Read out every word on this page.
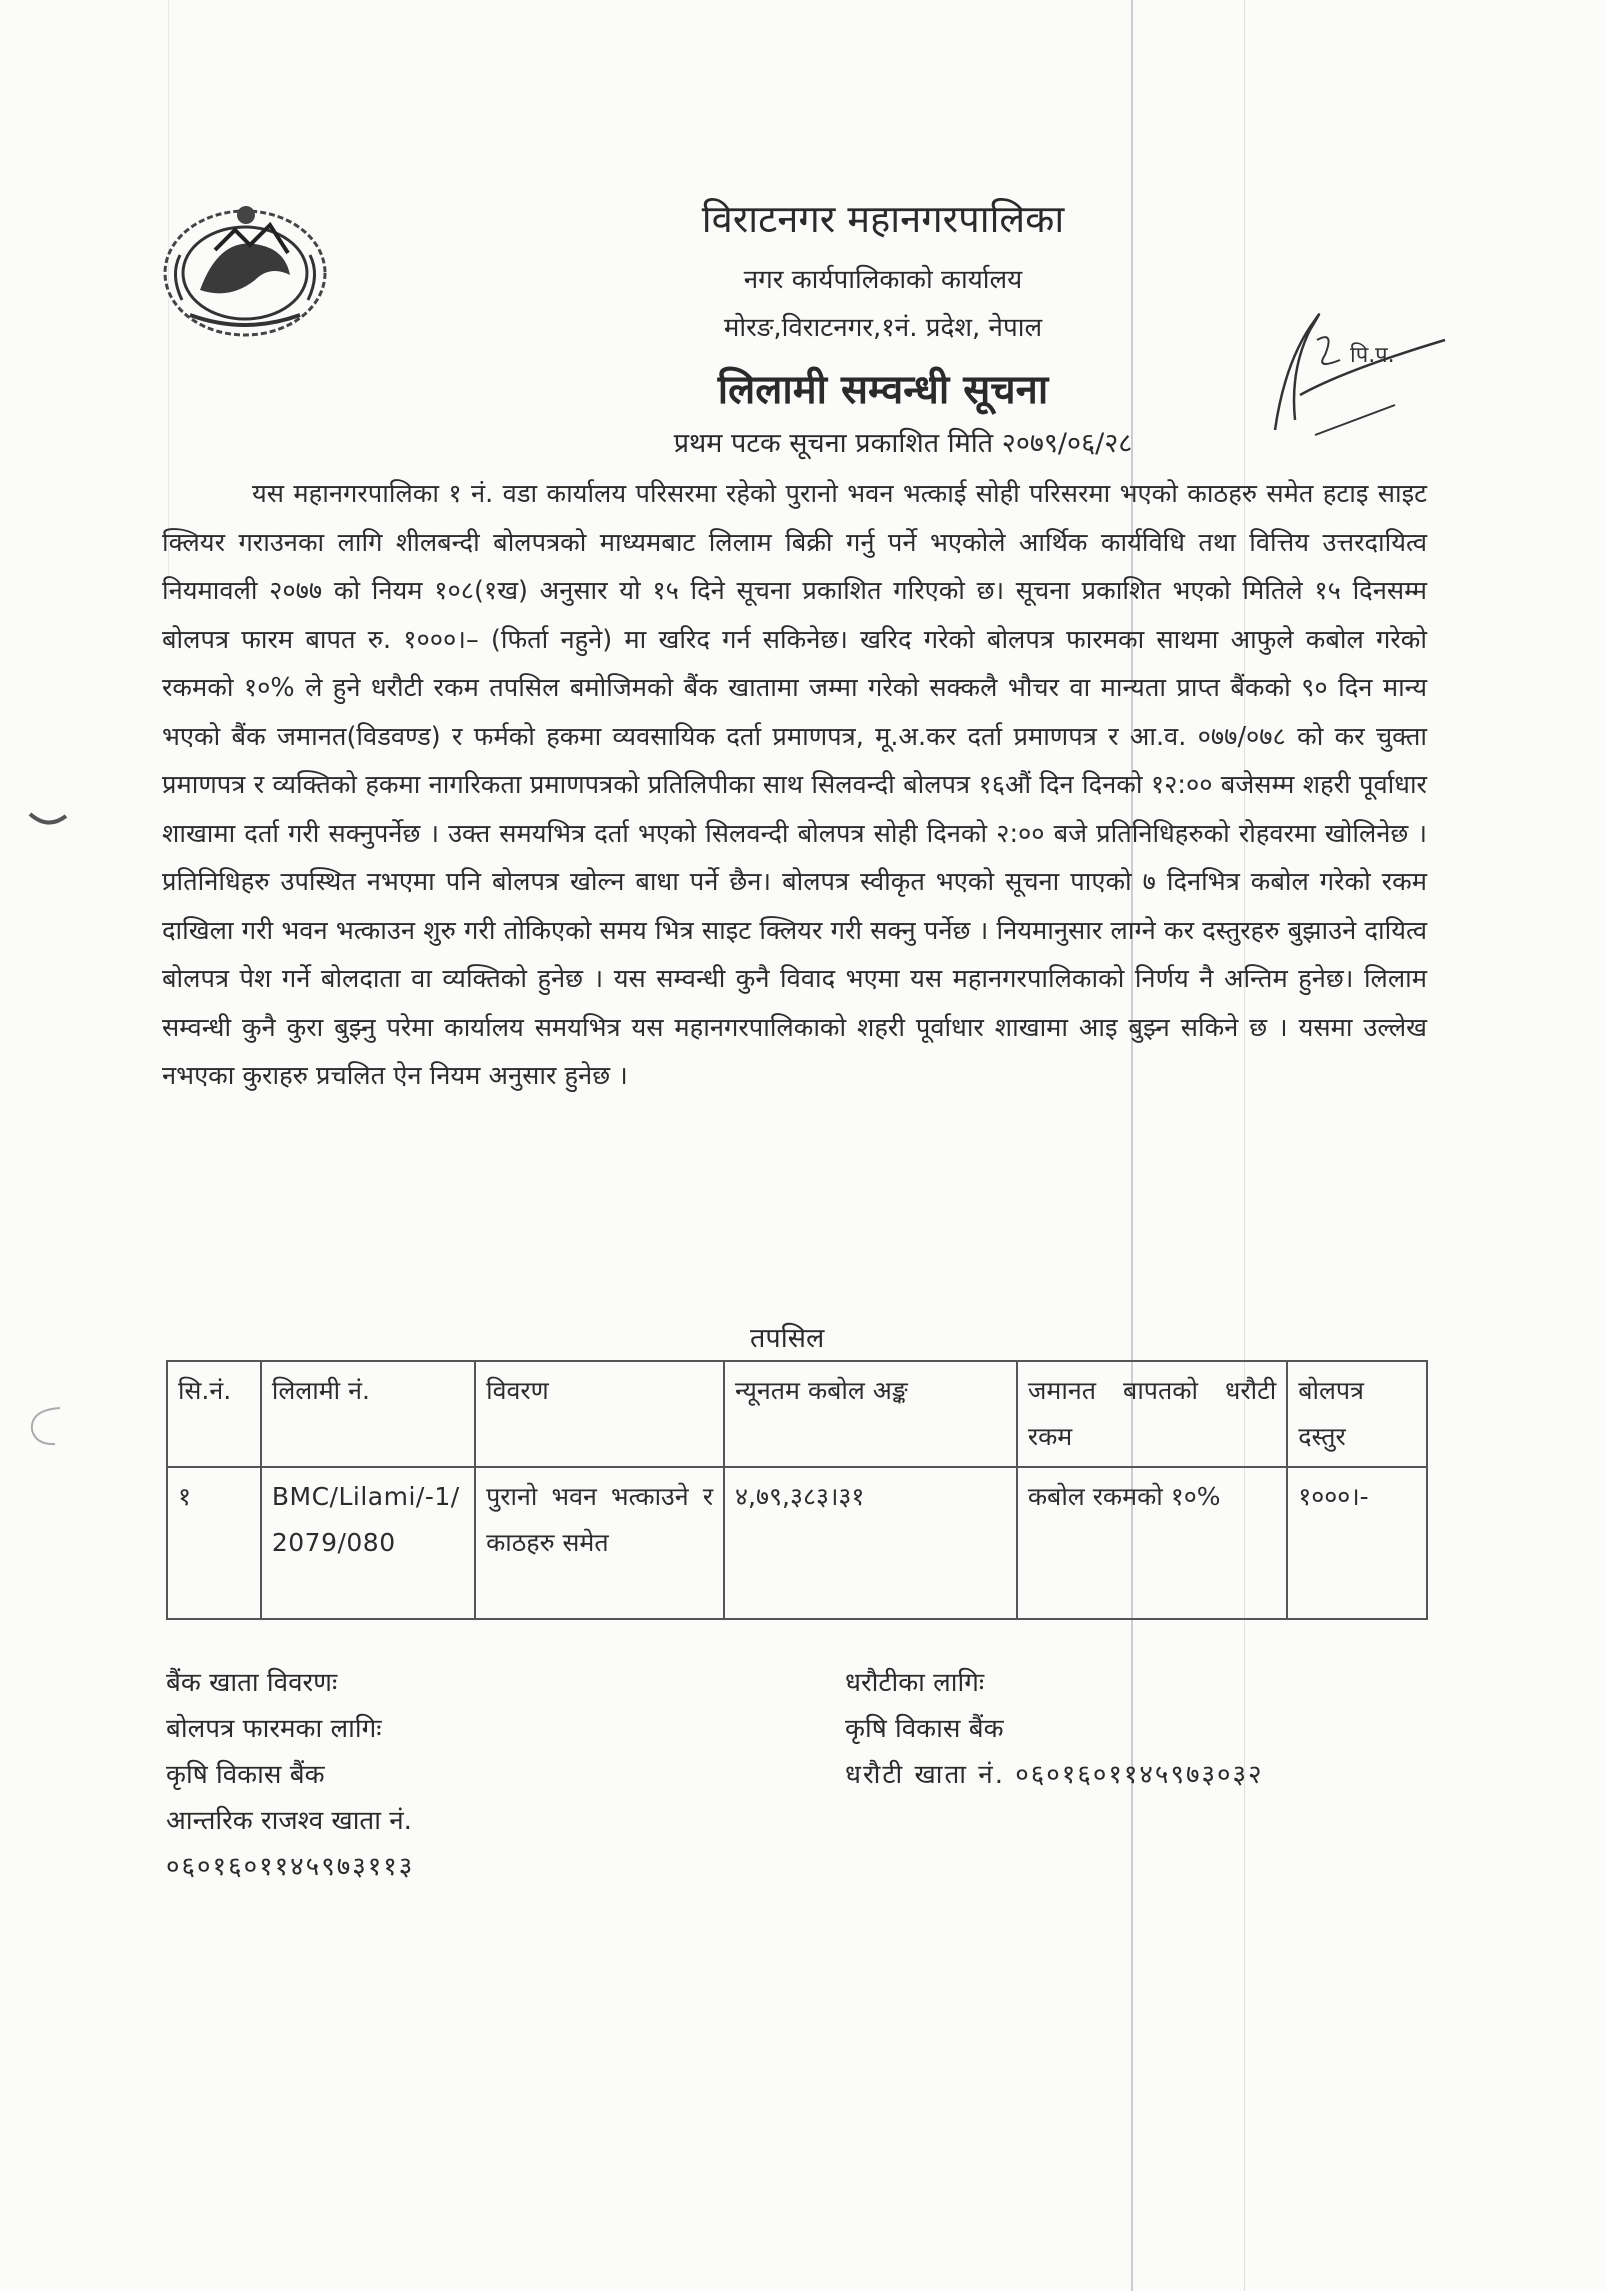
पि.प.
विराटनगर महानगरपालिका
नगर कार्यपालिकाको कार्यालय
मोरङ,विराटनगर,१नं. प्रदेश, नेपाल
लिलामी सम्वन्धी सूचना
प्रथम पटक सूचना प्रकाशित मिति २०७९/०६/२८
यस महानगरपालिका १ नं. वडा कार्यालय परिसरमा रहेको पुरानो भवन भत्काई सोही परिसरमा भएको काठहरु समेत हटाइ साइट क्लियर गराउनका लागि शीलबन्दी बोलपत्रको माध्यमबाट लिलाम बिक्री गर्नु पर्ने भएकोले आर्थिक कार्यविधि तथा वित्तिय उत्तरदायित्व नियमावली २०७७ को नियम १०८(१ख) अनुसार यो १५ दिने सूचना प्रकाशित गरिएको छ। सूचना प्रकाशित भएको मितिले १५ दिनसम्म बोलपत्र फारम बापत रु. १०००।– (फिर्ता नहुने) मा खरिद गर्न सकिनेछ। खरिद गरेको बोलपत्र फारमका साथमा आफुले कबोल गरेको रकमको १०% ले हुने धरौटी रकम तपसिल बमोजिमको बैंक खातामा जम्मा गरेको सक्कलै भौचर वा मान्यता प्राप्त बैंकको ९० दिन मान्य भएको बैंक जमानत(विडवण्ड) र फर्मको हकमा व्यवसायिक दर्ता प्रमाणपत्र, मू.अ.कर दर्ता प्रमाणपत्र र आ.व. ०७७/०७८ को कर चुक्ता प्रमाणपत्र र व्यक्तिको हकमा नागरिकता प्रमाणपत्रको प्रतिलिपीका साथ सिलवन्दी बोलपत्र १६औं दिन दिनको १२:०० बजेसम्म शहरी पूर्वाधार शाखामा दर्ता गरी सक्नुपर्नेछ । उक्त समयभित्र दर्ता भएको सिलवन्दी बोलपत्र सोही दिनको २:०० बजे प्रतिनिधिहरुको रोहवरमा खोलिनेछ । प्रतिनिधिहरु उपस्थित नभएमा पनि बोलपत्र खोल्न बाधा पर्ने छैन। बोलपत्र स्वीकृत भएको सूचना पाएको ७ दिनभित्र कबोल गरेको रकम दाखिला गरी भवन भत्काउन शुरु गरी तोकिएको समय भित्र साइट क्लियर गरी सक्नु पर्नेछ । नियमानुसार लाग्ने कर दस्तुरहरु बुझाउने दायित्व बोलपत्र पेश गर्ने बोलदाता वा व्यक्तिको हुनेछ । यस सम्वन्धी कुनै विवाद भएमा यस महानगरपालिकाको निर्णय नै अन्तिम हुनेछ। लिलाम सम्वन्धी कुनै कुरा बुझ्नु परेमा कार्यालय समयभित्र यस महानगरपालिकाको शहरी पूर्वाधार शाखामा आइ बुझ्न सकिने छ । यसमा उल्लेख नभएका कुराहरु प्रचलित ऐन नियम अनुसार हुनेछ ।
तपसिल
सि.नं.	लिलामी नं.	विवरण	न्यूनतम कबोल अङ्क	जमानत बापतको धरौटी रकम	बोलपत्र दस्तुर
१	BMC/Lilami/-1/2079/080	पुरानो भवन भत्काउने र काठहरु समेत	४,७९,३८३।३१	कबोल रकमको १०%	१०००।-
बैंक खाता विवरणः
बोलपत्र फारमका लागिः
कृषि विकास बैंक
आन्तरिक राजश्व खाता नं.
०६०१६०११४५९७३११३
धरौटीका लागिः
कृषि विकास बैंक
धरौटी खाता नं. ०६०१६०११४५९७३०३२
